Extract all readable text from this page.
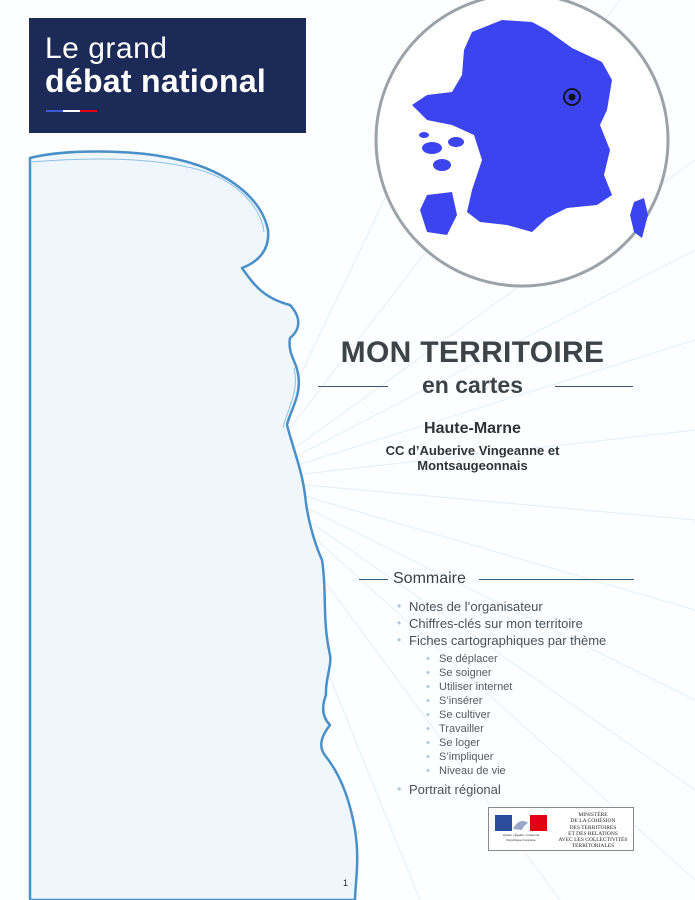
Le grand
débat national
MON TERRITOIRE
en cartes
Haute-Marne
CC d’Auberive Vingeanne et
Montsaugeonnais
Sommaire
• Notes de l’organisateur
• Chiffres-clés sur mon territoire
• Fiches cartographiques par thème
• Se déplacer
• Se soigner
• Utiliser internet
• S’insérer
• Se cultiver
• Travailler
• Se loger
• S’impliquer
• Niveau de vie
• Portrait régional
Liberté • Égalité • Fraternité
République Française
MINISTÈRE
DE LA COHÉSION
DES TERRITOIRES
ET DES RELATIONS
AVEC LES COLLECTIVITÉS
TERRITORIALES
1
